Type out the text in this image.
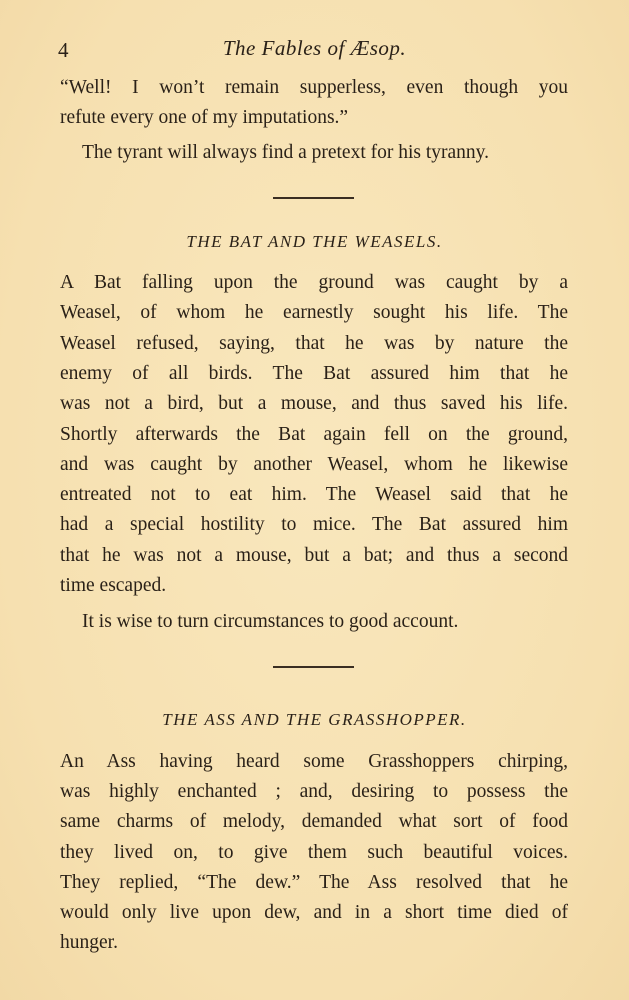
4	The Fables of Æsop.
“Well! I won’t remain supperless, even though you
refute every one of my imputations.”
The tyrant will always find a pretext for his tyranny.
THE BAT AND THE WEASELS.
A Bat falling upon the ground was caught by a
Weasel, of whom he earnestly sought his life. The
Weasel refused, saying, that he was by nature the
enemy of all birds. The Bat assured him that he
was not a bird, but a mouse, and thus saved his life.
Shortly afterwards the Bat again fell on the ground,
and was caught by another Weasel, whom he likewise
entreated not to eat him. The Weasel said that he
had a special hostility to mice. The Bat assured him
that he was not a mouse, but a bat; and thus a second
time escaped.
It is wise to turn circumstances to good account.
THE ASS AND THE GRASSHOPPER.
An Ass having heard some Grasshoppers chirping,
was highly enchanted ; and, desiring to possess the
same charms of melody, demanded what sort of food
they lived on, to give them such beautiful voices.
They replied, “The dew.” The Ass resolved that he
would only live upon dew, and in a short time died of
hunger.
